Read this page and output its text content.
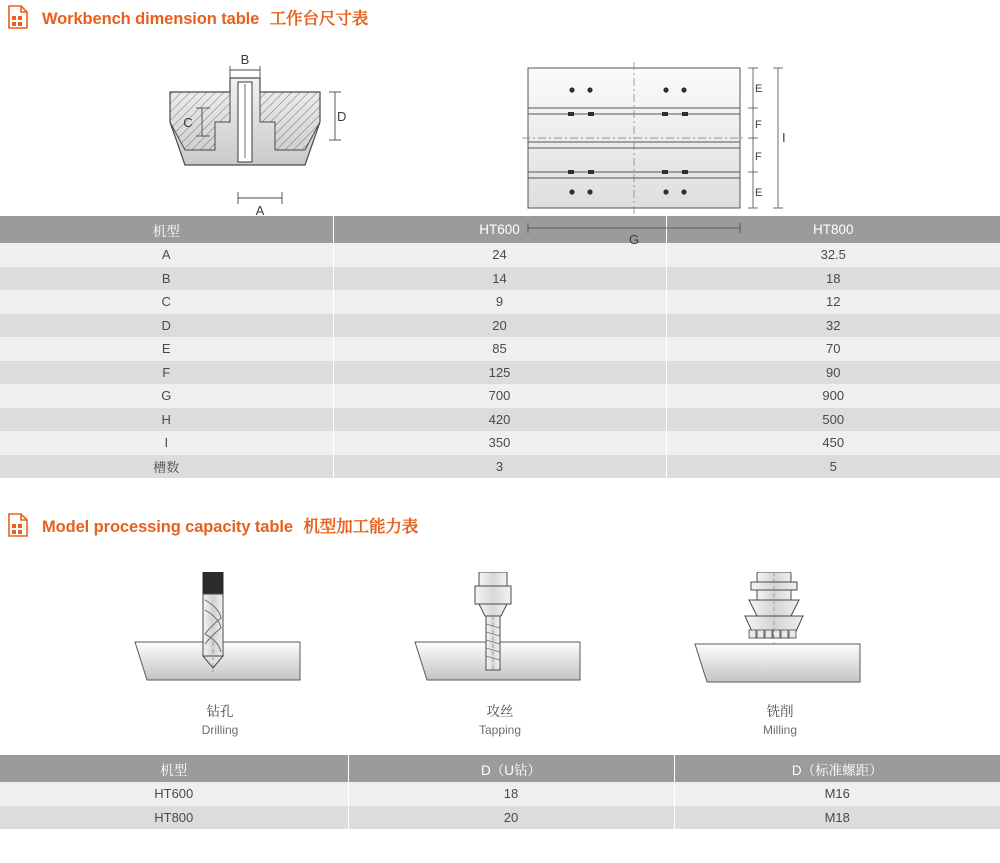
Workbench dimension table 工作台尺寸表
B
C	D
A
E
F
F
E
I
G
机型	HT600	HT800
A	24	32.5
B	14	18
C	9	12
D	20	32
E	85	70
F	125	90
G	700	900
H	420	500
I	350	450
槽数	3	5
Model processing capacity table 机型加工能力表
钻孔
Drilling
攻丝
Tapping
铣削
Milling
机型	D（U钻）	D（标准螺距）
HT600	18	M16
HT800	20	M18
